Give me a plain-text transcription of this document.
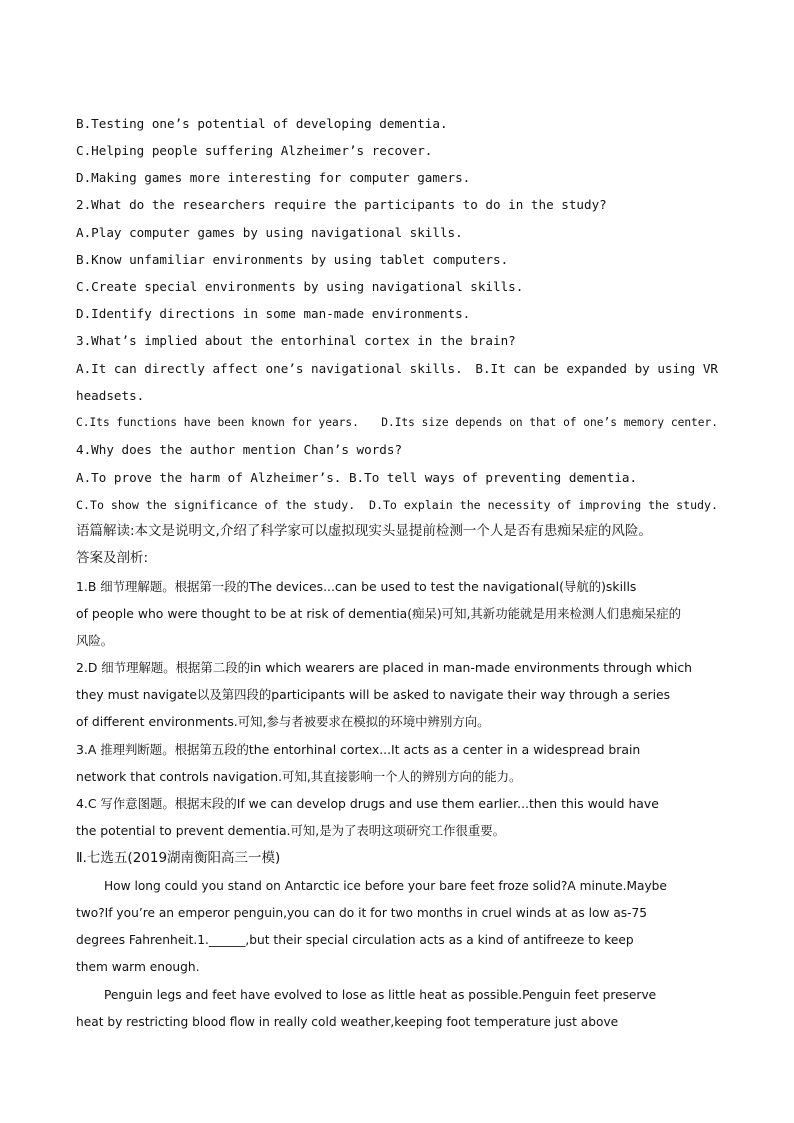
B.Testing one’s potential of developing dementia.
C.Helping people suffering Alzheimer’s recover.
D.Making games more interesting for computer gamers.
2.What do the researchers require the participants to do in the study?
A.Play computer games by using navigational skills.
B.Know unfamiliar environments by using tablet computers.
C.Create special environments by using navigational skills.
D.Identify directions in some man-made environments.
3.What’s implied about the entorhinal cortex in the brain?
A.It can directly affect one’s navigational skills. B.It can be expanded by using VR
headsets.
C.Its functions have been known for years. D.Its size depends on that of one’s memory center.
4.Why does the author mention Chan’s words?
A.To prove the harm of Alzheimer’s. B.To tell ways of preventing dementia.
C.To show the significance of the study. D.To explain the necessity of improving the study.
语篇解读:本文是说明文,介绍了科学家可以虚拟现实头显提前检测一个人是否有患痴呆症的风险。
答案及剖析:
1.B 细节理解题。根据第一段的The devices...can be used to test the navigational(导航的)skills
of people who were thought to be at risk of dementia(痴呆)可知,其新功能就是用来检测人们患痴呆症的
风险。
2.D 细节理解题。根据第二段的in which wearers are placed in man-made environments through which
they must navigate以及第四段的participants will be asked to navigate their way through a series
of different environments.可知,参与者被要求在模拟的环境中辨别方向。
3.A 推理判断题。根据第五段的the entorhinal cortex...It acts as a center in a widespread brain
network that controls navigation.可知,其直接影响一个人的辨别方向的能力。
4.C 写作意图题。根据末段的If we can develop drugs and use them earlier...then this would have
the potential to prevent dementia.可知,是为了表明这项研究工作很重要。
Ⅱ.七选五(2019湖南衡阳高三一模)
How long could you stand on Antarctic ice before your bare feet froze solid?A minute.Maybe
two?If you’re an emperor penguin,you can do it for two months in cruel winds at as low as-75
degrees Fahrenheit.1.______,but their special circulation acts as a kind of antifreeze to keep
them warm enough.
Penguin legs and feet have evolved to lose as little heat as possible.Penguin feet preserve
heat by restricting blood flow in really cold weather,keeping foot temperature just above
